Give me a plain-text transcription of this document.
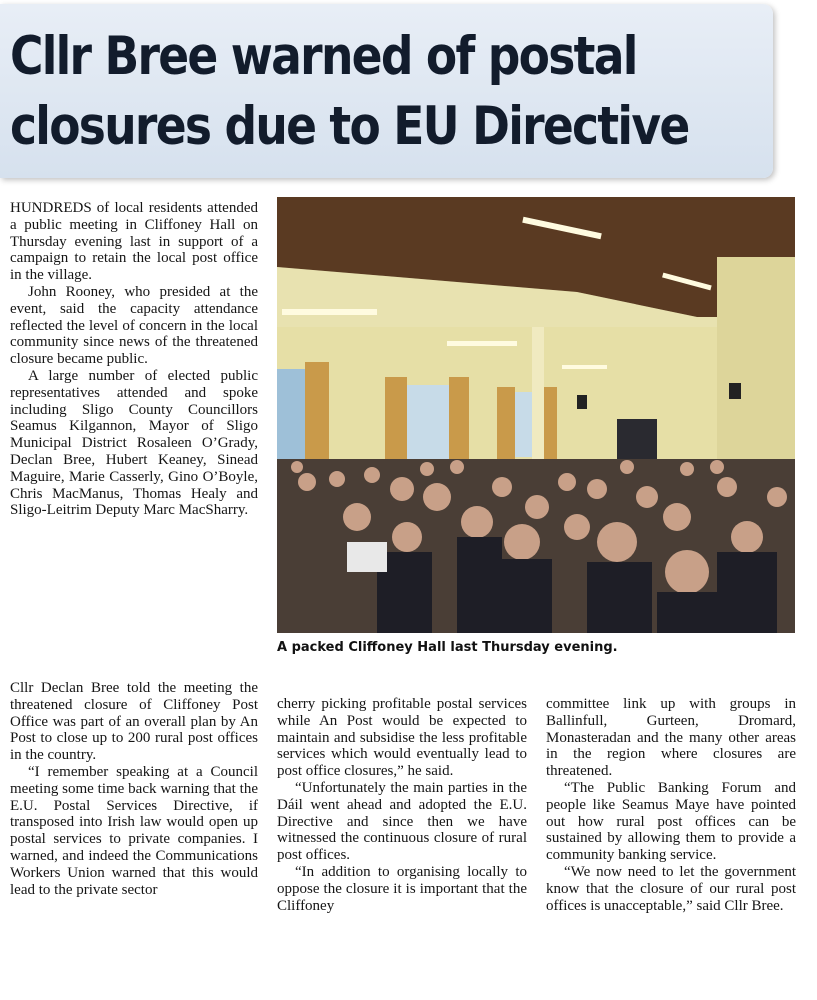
Cllr Bree warned of postal
closures due to EU Directive

HUNDREDS of local residents attended a public meeting in Cliffoney Hall on Thursday evening last in support of a campaign to retain the local post office in the village.

John Rooney, who presided at the event, said the capacity attendance reflected the level of concern in the local community since news of the threatened closure became public.

A large number of elected public representatives attended and spoke including Sligo County Councillors Seamus Kilgannon, Mayor of Sligo Municipal District Rosaleen O’Grady, Declan Bree, Hubert Keaney, Sinead Maguire, Marie Casserly, Gino O’Boyle, Chris MacManus, Thomas Healy and Sligo-Leitrim Deputy Marc MacSharry.

A packed Cliffoney Hall last Thursday evening.

Cllr Declan Bree told the meeting the threatened closure of Cliffoney Post Office was part of an overall plan by An Post to close up to 200 rural post offices in the country.

“I remember speaking at a Council meeting some time back warning that the E.U. Postal Services Directive, if transposed into Irish law would open up postal services to private companies. I warned, and indeed the Communications Workers Union warned that this would lead to the private sector

cherry picking profitable postal services while An Post would be expected to maintain and subsidise the less profitable services which would eventually lead to post office closures,” he said.

“Unfortunately the main parties in the Dáil went ahead and adopted the E.U. Directive and since then we have witnessed the continuous closure of rural post offices.

“In addition to organising locally to oppose the closure it is important that the Cliffoney

committee link up with groups in Ballinfull, Gurteen, Dromard, Monasteradan and the many other areas in the region where closures are threatened.

“The Public Banking Forum and people like Seamus Maye have pointed out how rural post offices can be sustained by allowing them to provide a community banking service.

“We now need to let the government know that the closure of our rural post offices is unacceptable,” said Cllr Bree.
